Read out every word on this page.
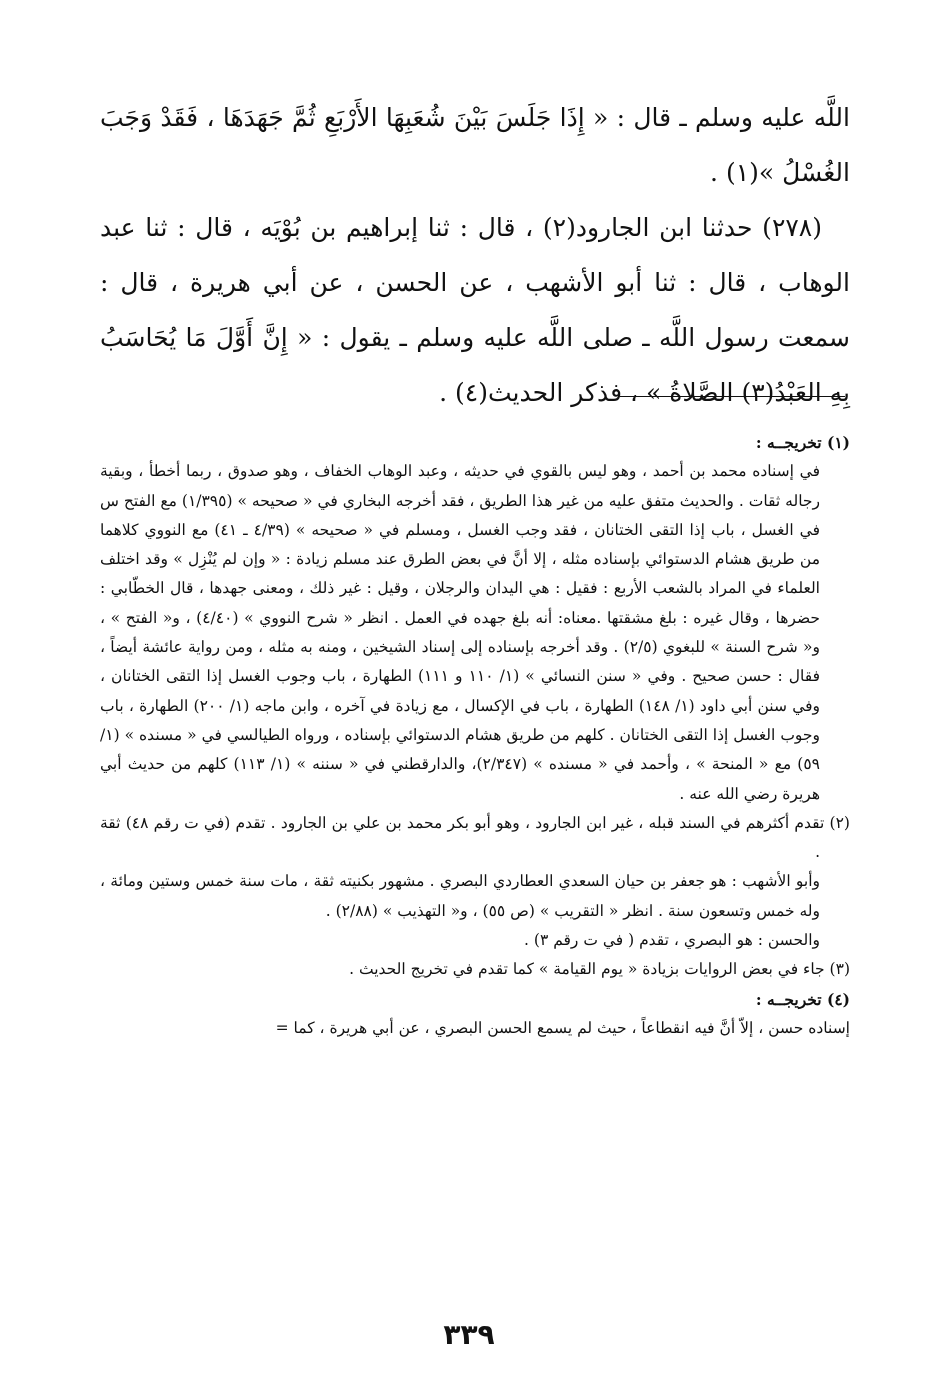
اللَّه عليه وسلم ـ قال : « إِذَا جَلَسَ بَيْنَ شُعَبِهَا الأَرْبَعِ ثُمَّ جَهَدَهَا ، فَقَدْ وَجَبَ الغُسْلُ »(١) .

(٢٧٨) حدثنا ابن الجارود(٢) ، قال : ثنا إبراهيم بن بُوْيَه ، قال : ثنا عبد الوهاب ، قال : ثنا أبو الأشهب ، عن الحسن ، عن أبي هريرة ، قال : سمعت رسول اللَّه ـ صلى اللَّه عليه وسلم ـ يقول : « إِنَّ أَوَّلَ مَا يُحَاسَبُ بِهِ العَبْدُ(٣) الصَّلاةُ » ، فذكر الحديث(٤) .

(١) تخريجــه :

في إسناده محمد بن أحمد ، وهو ليس بالقوي في حديثه ، وعبد الوهاب الخفاف ، وهو صدوق ، ربما أخطأ ، وبقية رجاله ثقات . والحديث متفق عليه من غير هذا الطريق ، فقد أخرجه البخاري في « صحيحه » (١/٣٩٥) مع الفتح س في الغسل ، باب إذا التقى الختانان ، فقد وجب الغسل ، ومسلم في « صحيحه » (٤/٣٩ ـ ٤١) مع النووي كلاهما من طريق هشام الدستوائي بإسناده مثله ، إلا أنَّ في بعض الطرق عند مسلم زيادة : « وإن لم يُنْزِل » وقد اختلف العلماء في المراد بالشعب الأربع : فقيل : هي اليدان والرجلان ، وقيل : غير ذلك ، ومعنى جهدها ، قال الخطّابي : حضرها ، وقال غيره : بلغ مشقتها .معناه: أنه بلغ جهده في العمل . انظر « شرح النووي » (٤/٤٠) ، و« الفتح » ، و« شرح السنة » للبغوي (٢/٥) . وقد أخرجه بإسناده إلى إسناد الشيخين ، ومنه به مثله ، ومن رواية عائشة أيضاً ، فقال : حسن صحيح . وفي « سنن النسائي » (١/ ١١٠ و ١١١) الطهارة ، باب وجوب الغسل إذا التقى الختانان ، وفي سنن أبي داود (١/ ١٤٨) الطهارة ، باب في الإكسال ، مع زيادة في آخره ، وابن ماجه (١/ ٢٠٠) الطهارة ، باب وجوب الغسل إذا التقى الختانان . كلهم من طريق هشام الدستوائي بإسناده ، ورواه الطيالسي في « مسنده » (١/ ٥٩) مع « المنحة » ، وأحمد في « مسنده » (٢/٣٤٧)، والدارقطني في « سننه » (١/ ١١٣) كلهم من حديث أبي هريرة رضي الله عنه .

(٢) تقدم أكثرهم في السند قبله ، غير ابن الجارود ، وهو أبو بكر محمد بن علي بن الجارود . تقدم (في ت رقم ٤٨) ثقة .

وأبو الأشهب : هو جعفر بن حيان السعدي العطاردي البصري . مشهور بكنيته ثقة ، مات سنة خمس وستين ومائة ، وله خمس وتسعون سنة . انظر « التقريب » (ص ٥٥) ، و« التهذيب » (٢/٨٨) .

والحسن : هو البصري ، تقدم ( في ت رقم ٣) .

(٣) جاء في بعض الروايات بزيادة « يوم القيامة » كما تقدم في تخريج الحديث .

(٤) تخريجــه :

إسناده حسن ، إلاّ أنَّ فيه انقطاعاً ، حيث لم يسمع الحسن البصري ، عن أبي هريرة ، كما =

٣٣٩
